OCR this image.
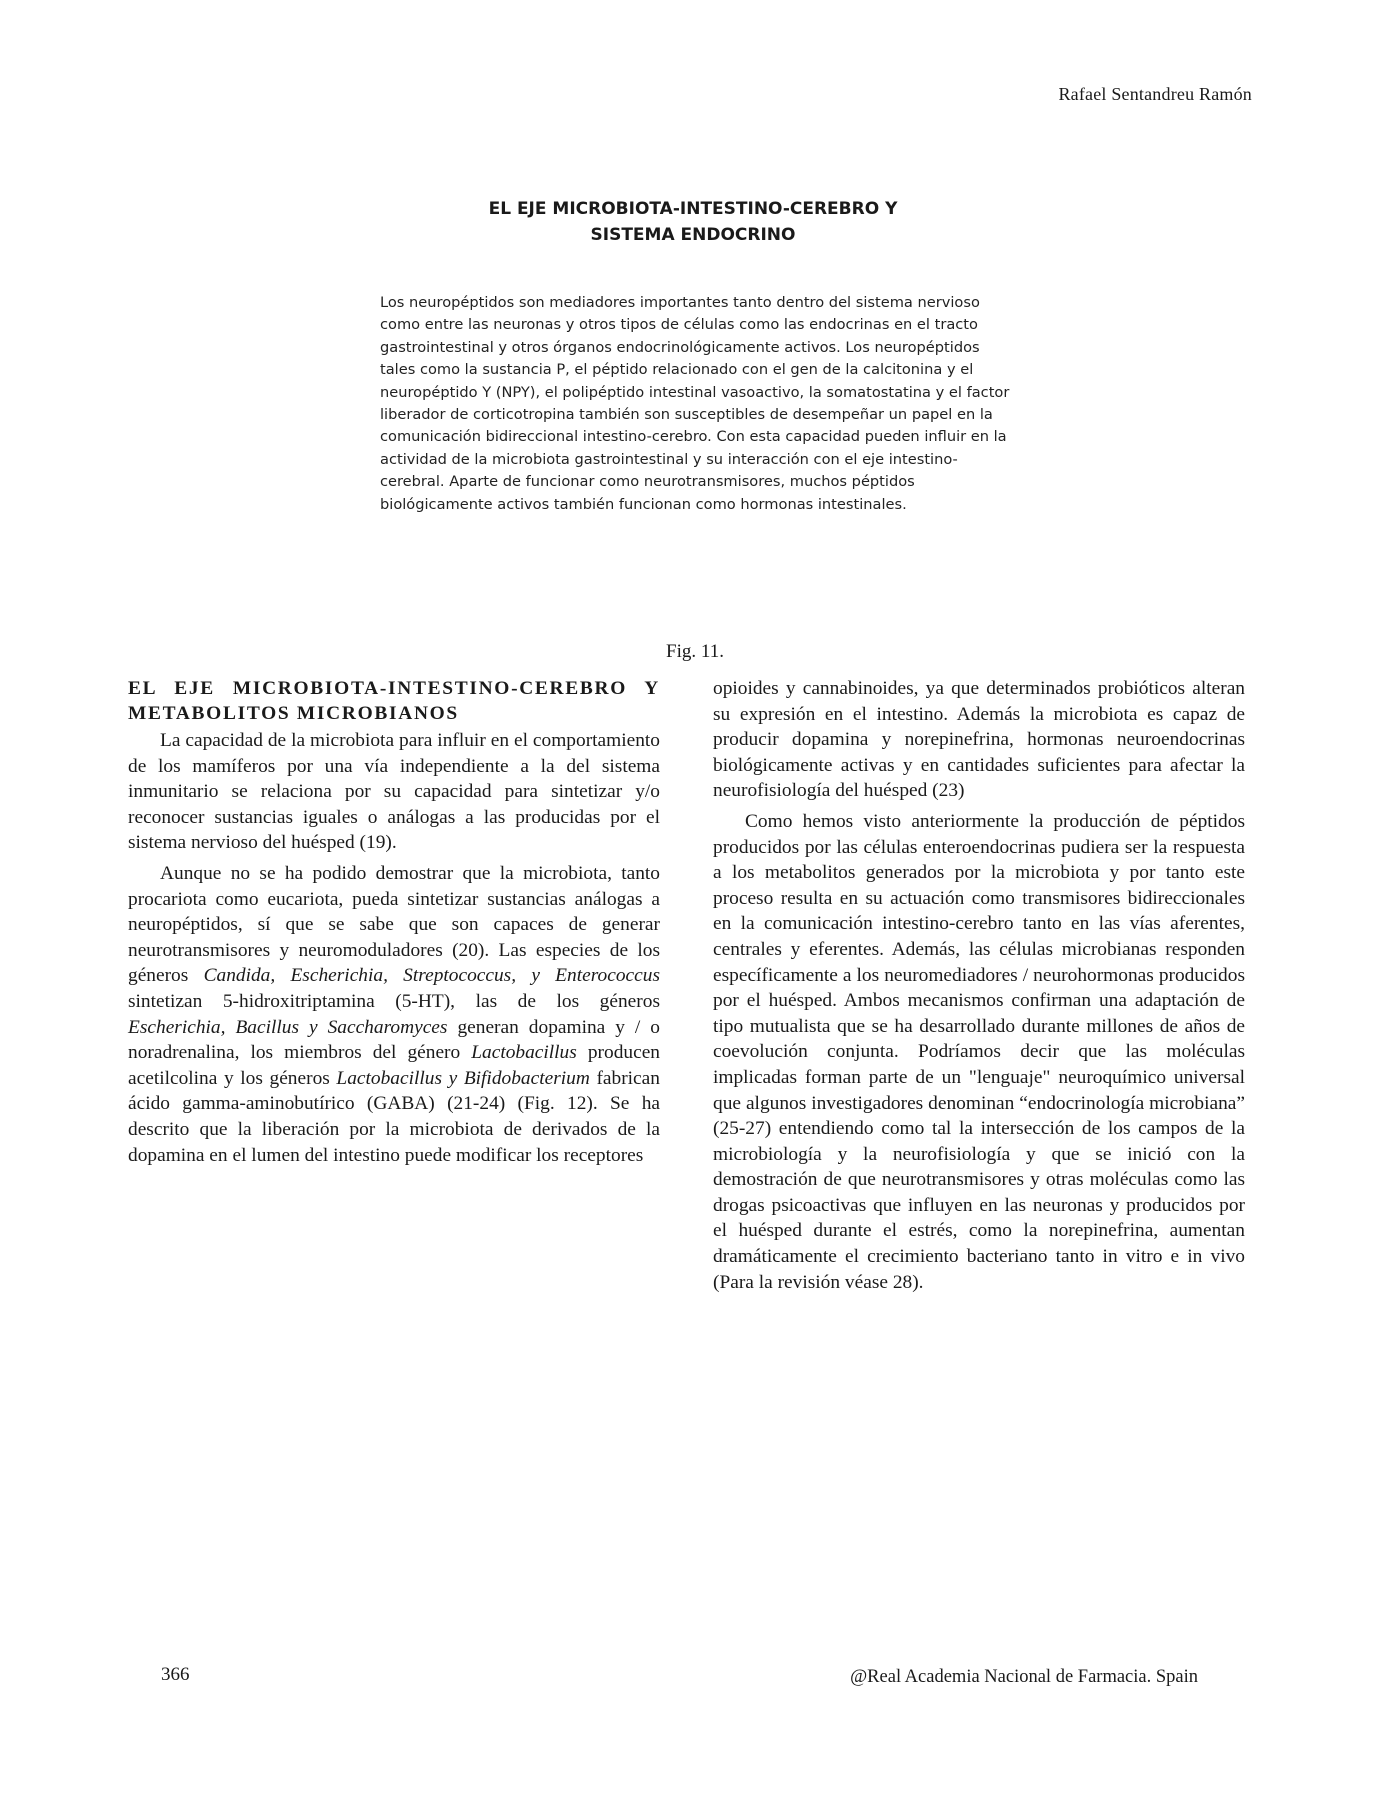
Rafael Sentandreu Ramón

EL EJE MICROBIOTA-INTESTINO-CEREBRO Y
SISTEMA ENDOCRINO

Los neuropéptidos son mediadores importantes tanto dentro del sistema nervioso como entre las neuronas y otros tipos de células como las endocrinas en el tracto gastrointestinal y otros órganos endocrinológicamente activos. Los neuropéptidos tales como la sustancia P, el péptido relacionado con el gen de la calcitonina y el neuropéptido Y (NPY), el polipéptido intestinal vasoactivo, la somatostatina y el factor liberador de corticotropina también son susceptibles de desempeñar un papel en la comunicación bidireccional intestino-cerebro. Con esta capacidad pueden influir en la actividad de la microbiota gastrointestinal y su interacción con el eje intestino-cerebral. Aparte de funcionar como neurotransmisores, muchos péptidos biológicamente activos también funcionan como hormonas intestinales.
Fig. 11.
EL EJE MICROBIOTA-INTESTINO-CEREBRO Y METABOLITOS MICROBIANOS

La capacidad de la microbiota para influir en el comportamiento de los mamíferos por una vía independiente a la del sistema inmunitario se relaciona por su capacidad para sintetizar y/o reconocer sustancias iguales o análogas a las producidas por el sistema nervioso del huésped (19).

Aunque no se ha podido demostrar que la microbiota, tanto procariota como eucariota, pueda sintetizar sustancias análogas a neuropéptidos, sí que se sabe que son capaces de generar neurotransmisores y neuromoduladores (20). Las especies de los géneros Candida, Escherichia, Streptococcus, y Enterococcus sintetizan 5-hidroxitriptamina (5-HT), las de los géneros Escherichia, Bacillus y Saccharomyces generan dopamina y / o noradrenalina, los miembros del género Lactobacillus producen acetilcolina y los géneros Lactobacillus y Bifidobacterium fabrican ácido gamma-aminobutírico (GABA) (21-24) (Fig. 12). Se ha descrito que la liberación por la microbiota de derivados de la dopamina en el lumen del intestino puede modificar los receptores

opioides y cannabinoides, ya que determinados probióticos alteran su expresión en el intestino. Además la microbiota es capaz de producir dopamina y norepinefrina, hormonas neuroendocrinas biológicamente activas y en cantidades suficientes para afectar la neurofisiología del huésped (23)

Como hemos visto anteriormente la producción de péptidos producidos por las células enteroendocrinas pudiera ser la respuesta a los metabolitos generados por la microbiota y por tanto este proceso resulta en su actuación como transmisores bidireccionales en la comunicación intestino-cerebro tanto en las vías aferentes, centrales y eferentes. Además, las células microbianas responden específicamente a los neuromediadores / neurohormonas producidos por el huésped. Ambos mecanismos confirman una adaptación de tipo mutualista que se ha desarrollado durante millones de años de coevolución conjunta. Podríamos decir que las moléculas implicadas forman parte de un "lenguaje" neuroquímico universal que algunos investigadores denominan “endocrinología microbiana” (25-27) entendiendo como tal la intersección de los campos de la microbiología y la neurofisiología y que se inició con la demostración de que neurotransmisores y otras moléculas como las drogas psicoactivas que influyen en las neuronas y producidos por el huésped durante el estrés, como la norepinefrina, aumentan dramáticamente el crecimiento bacteriano tanto in vitro e in vivo (Para la revisión véase 28).

366	@Real Academia Nacional de Farmacia. Spain
